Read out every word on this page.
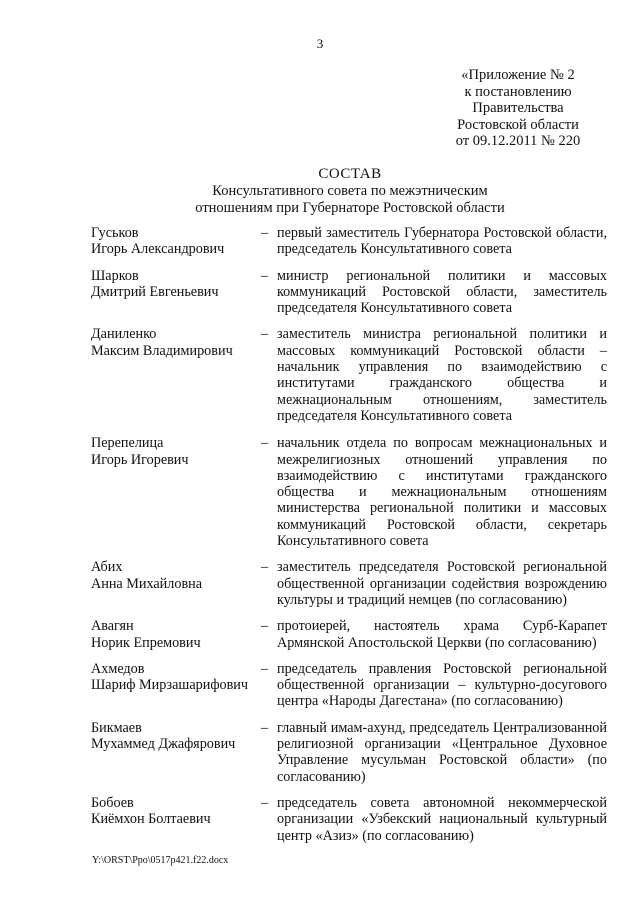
3
«Приложение № 2
к постановлению
Правительства
Ростовской области
от 09.12.2011 № 220
СОСТАВ
Консультативного совета по межэтническим
отношениям при Губернаторе Ростовской области
Гуськов
Игорь Александрович
– первый заместитель Губернатора Ростовской области, председатель Консультативного совета
Шарков
Дмитрий Евгеньевич
– министр региональной политики и массовых коммуникаций Ростовской области, заместитель председателя Консультативного совета
Даниленко
Максим Владимирович
– заместитель министра региональной политики и массовых коммуникаций Ростовской области – начальник управления по взаимодействию с институтами гражданского общества и межнациональным отношениям, заместитель председателя Консультативного совета
Перепелица
Игорь Игоревич
– начальник отдела по вопросам межнациональных и межрелигиозных отношений управления по взаимодействию с институтами гражданского общества и межнациональным отношениям министерства региональной политики и массовых коммуникаций Ростовской области, секретарь Консультативного совета
Абих
Анна Михайловна
– заместитель председателя Ростовской региональной общественной организации содействия возрождению культуры и традиций немцев (по согласованию)
Авагян
Норик Епремович
– протоиерей, настоятель храма Сурб-Карапет Армянской Апостольской Церкви (по согласованию)
Ахмедов
Шариф Мирзашарифович
– председатель правления Ростовской региональной общественной организации – культурно-досугового центра «Народы Дагестана» (по согласованию)
Бикмаев
Мухаммед Джафярович
– главный имам-ахунд, председатель Централизованной религиозной организации «Центральное Духовное Управление мусульман Ростовской области» (по согласованию)
Бобоев
Киёмхон Болтаевич
– председатель совета автономной некоммерческой организации «Узбекский национальный культурный центр «Азиз» (по согласованию)
Y:\ORST\Ppo\0517p421.f22.docx
